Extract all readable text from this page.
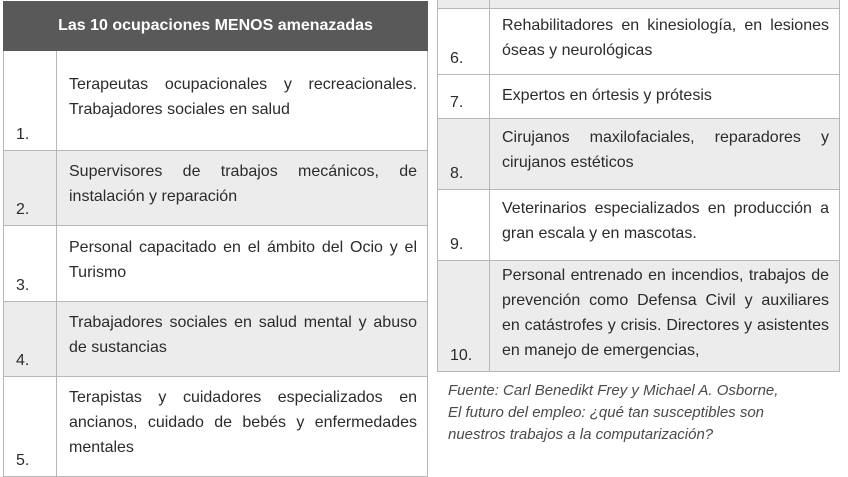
Las 10 ocupaciones MENOS amenazadas	
1.	Terapeutas ocupacionales y recreacionales. Trabajadores sociales en salud
2.	Supervisores de trabajos mecánicos, de instalación y reparación
3.	Personal capacitado en el ámbito del Ocio y el Turismo
4.	Trabajadores sociales en salud mental y abuso de sustancias
5.	Terapistas y cuidadores especializados en ancianos, cuidado de bebés y enfermedades mentales

6.	Rehabilitadores en kinesiología, en lesiones óseas y neurológicas
7.	Expertos en órtesis y prótesis
8.	Cirujanos maxilofaciales, reparadores y cirujanos estéticos
9.	Veterinarios especializados en producción a gran escala y en mascotas.
10.	Personal entrenado en incendios, trabajos de prevención como Defensa Civil y auxiliares en catástrofes y crisis. Directores y asistentes en manejo de emergencias,
Fuente: Carl Benedikt Frey y Michael A. Osborne,
El futuro del empleo: ¿qué tan susceptibles son
nuestros trabajos a la computarización?
